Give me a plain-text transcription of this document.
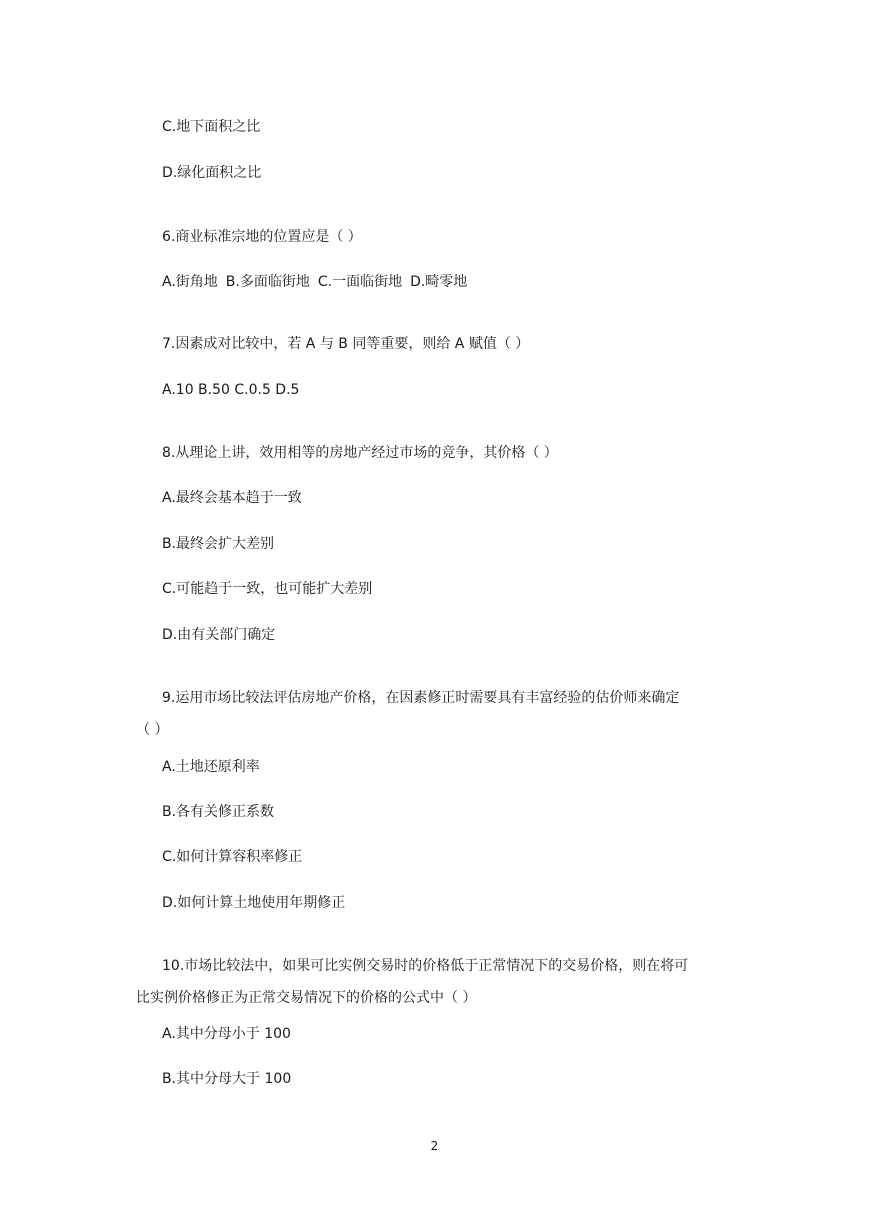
C.地下面积之比

D.绿化面积之比

6.商业标准宗地的位置应是（ ）

A.街角地 B.多面临街地 C.一面临街地 D.畸零地

7.因素成对比较中，若 A 与 B 同等重要，则给 A 赋值（ ）

A.10 B.50 C.0.5 D.5

8.从理论上讲，效用相等的房地产经过市场的竞争，其价格（ ）

A.最终会基本趋于一致

B.最终会扩大差别

C.可能趋于一致，也可能扩大差别

D.由有关部门确定

9.运用市场比较法评估房地产价格，在因素修正时需要具有丰富经验的估价师来确定

（ ）

A.土地还原利率

B.各有关修正系数

C.如何计算容积率修正

D.如何计算土地使用年期修正

10.市场比较法中，如果可比实例交易时的价格低于正常情况下的交易价格，则在将可

比实例价格修正为正常交易情况下的价格的公式中（ ）

A.其中分母小于 100

B.其中分母大于 100

2
